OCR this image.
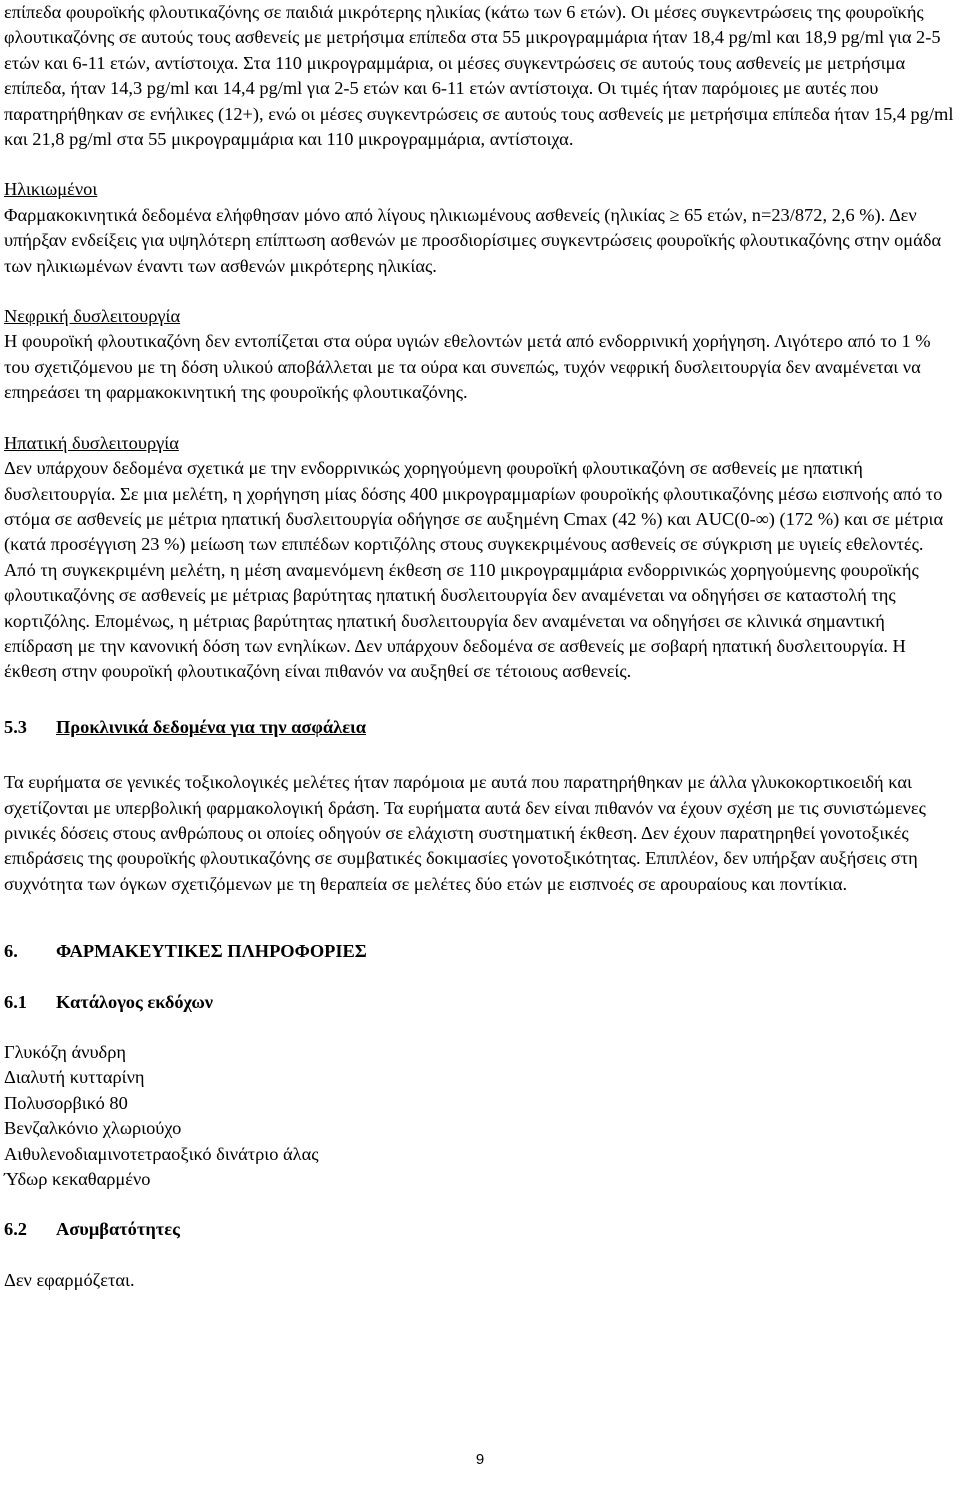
επίπεδα φουροϊκής φλουτικαζόνης σε παιδιά μικρότερης ηλικίας (κάτω των 6 ετών). Οι μέσες συγκεντρώσεις της φουροϊκής φλουτικαζόνης σε αυτούς τους ασθενείς με μετρήσιμα επίπεδα στα 55 μικρογραμμάρια ήταν 18,4 pg/ml και 18,9 pg/ml για 2-5 ετών και 6-11 ετών, αντίστοιχα. Στα 110 μικρογραμμάρια, οι μέσες συγκεντρώσεις σε αυτούς τους ασθενείς με μετρήσιμα επίπεδα, ήταν 14,3 pg/ml και 14,4 pg/ml για 2-5 ετών και 6-11 ετών αντίστοιχα. Οι τιμές ήταν παρόμοιες με αυτές που παρατηρήθηκαν σε ενήλικες (12+), ενώ οι μέσες συγκεντρώσεις σε αυτούς τους ασθενείς με μετρήσιμα επίπεδα ήταν 15,4 pg/ml και 21,8 pg/ml στα 55 μικρογραμμάρια και 110 μικρογραμμάρια, αντίστοιχα.

Ηλικιωμένοι

Φαρμακοκινητικά δεδομένα ελήφθησαν μόνο από λίγους ηλικιωμένους ασθενείς (ηλικίας ≥ 65 ετών, n=23/872, 2,6 %). Δεν υπήρξαν ενδείξεις για υψηλότερη επίπτωση ασθενών με προσδιορίσιμες συγκεντρώσεις φουροϊκής φλουτικαζόνης στην ομάδα των ηλικιωμένων έναντι των ασθενών μικρότερης ηλικίας.

Νεφρική δυσλειτουργία

Η φουροϊκή φλουτικαζόνη δεν εντοπίζεται στα ούρα υγιών εθελοντών μετά από ενδορρινική χορήγηση. Λιγότερο από το 1 % του σχετιζόμενου με τη δόση υλικού αποβάλλεται με τα ούρα και συνεπώς, τυχόν νεφρική δυσλειτουργία δεν αναμένεται να επηρεάσει τη φαρμακοκινητική της φουροϊκής φλουτικαζόνης.

Ηπατική δυσλειτουργία

Δεν υπάρχουν δεδομένα σχετικά με την ενδορρινικώς χορηγούμενη φουροϊκή φλουτικαζόνη σε ασθενείς με ηπατική δυσλειτουργία. Σε μια μελέτη, η χορήγηση μίας δόσης 400 μικρογραμμαρίων φουροϊκής φλουτικαζόνης μέσω εισπνοής από το στόμα σε ασθενείς με μέτρια ηπατική δυσλειτουργία οδήγησε σε αυξημένη Cmax (42 %) και AUC(0-∞) (172 %) και σε μέτρια (κατά προσέγγιση 23 %) μείωση των επιπέδων κορτιζόλης στους συγκεκριμένους ασθενείς σε σύγκριση με υγιείς εθελοντές. Από τη συγκεκριμένη μελέτη, η μέση αναμενόμενη έκθεση σε 110 μικρογραμμάρια ενδορρινικώς χορηγούμενης φουροϊκής φλουτικαζόνης σε ασθενείς με μέτριας βαρύτητας ηπατική δυσλειτουργία δεν αναμένεται να οδηγήσει σε καταστολή της κορτιζόλης. Επομένως, η μέτριας βαρύτητας ηπατική δυσλειτουργία δεν αναμένεται να οδηγήσει σε κλινικά σημαντική επίδραση με την κανονική δόση των ενηλίκων. Δεν υπάρχουν δεδομένα σε ασθενείς με σοβαρή ηπατική δυσλειτουργία. Η έκθεση στην φουροϊκή φλουτικαζόνη είναι πιθανόν να αυξηθεί σε τέτοιους ασθενείς.

5.3 Προκλινικά δεδομένα για την ασφάλεια

Τα ευρήματα σε γενικές τοξικολογικές μελέτες ήταν παρόμοια με αυτά που παρατηρήθηκαν με άλλα γλυκοκορτικοειδή και σχετίζονται με υπερβολική φαρμακολογική δράση. Τα ευρήματα αυτά δεν είναι πιθανόν να έχουν σχέση με τις συνιστώμενες ρινικές δόσεις στους ανθρώπους οι οποίες οδηγούν σε ελάχιστη συστηματική έκθεση. Δεν έχουν παρατηρηθεί γονοτοξικές επιδράσεις της φουροϊκής φλουτικαζόνης σε συμβατικές δοκιμασίες γονοτοξικότητας. Επιπλέον, δεν υπήρξαν αυξήσεις στη συχνότητα των όγκων σχετιζόμενων με τη θεραπεία σε μελέτες δύο ετών με εισπνοές σε αρουραίους και ποντίκια.

6. ΦΑΡΜΑΚΕΥΤΙΚΕΣ ΠΛΗΡΟΦΟΡΙΕΣ

6.1 Κατάλογος εκδόχων

Γλυκόζη άνυδρη

Διαλυτή κυτταρίνη

Πολυσορβικό 80

Βενζαλκόνιο χλωριούχο

Αιθυλενοδιαμινοτετραοξικό δινάτριο άλας

Ύδωρ κεκαθαρμένο

6.2 Ασυμβατότητες

Δεν εφαρμόζεται.

9
